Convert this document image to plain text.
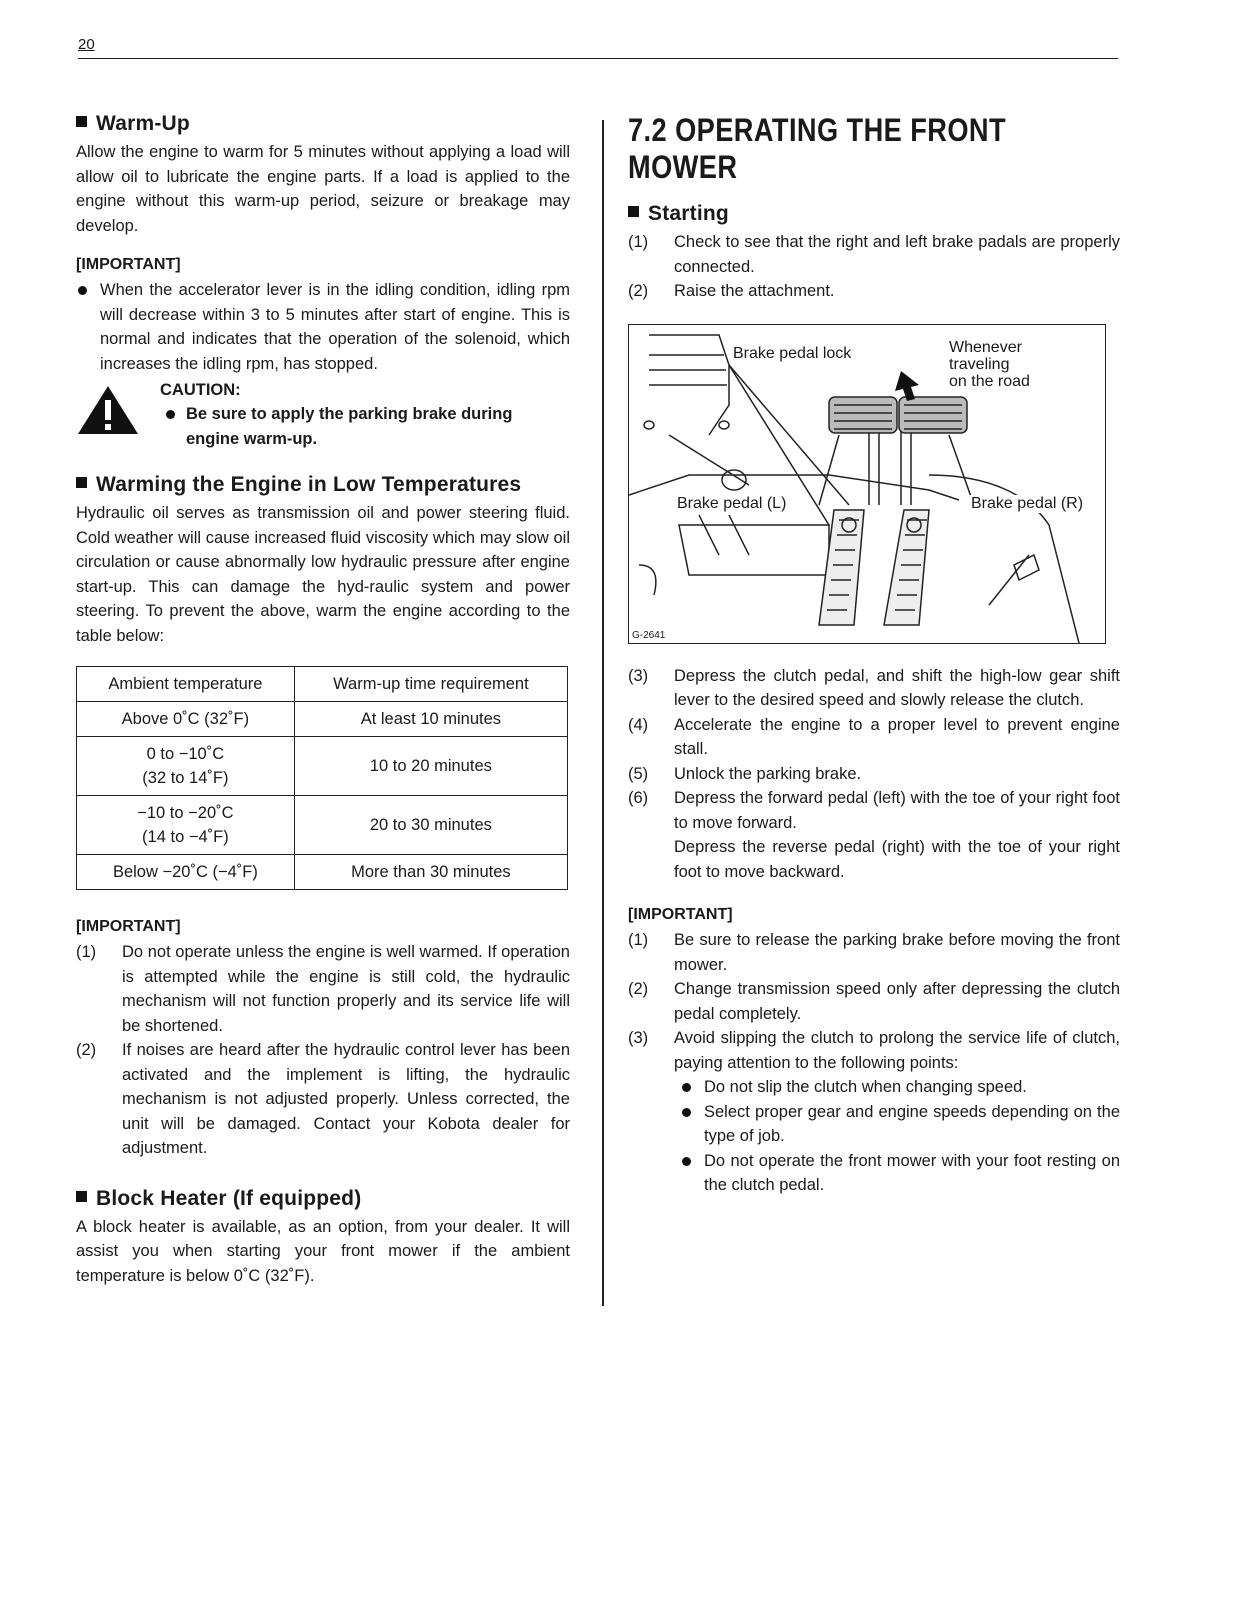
20
Warm-Up

Allow the engine to warm for 5 minutes without applying a load will allow oil to lubricate the engine parts. If a load is applied to the engine without this warm-up period, seizure or breakage may develop.

[IMPORTANT]
When the accelerator lever is in the idling condition, idling rpm will decrease within 3 to 5 minutes after start of engine. This is normal and indicates that the operation of the solenoid, which increases the idling rpm, has stopped.
CAUTION:
Be sure to apply the parking brake during engine warm-up.
Warming the Engine in Low Temperatures

Hydraulic oil serves as transmission oil and power steering fluid. Cold weather will cause increased fluid viscosity which may slow oil circulation or cause abnormally low hydraulic pressure after engine start-up. This can damage the hyd-raulic system and power steering. To prevent the above, warm the engine according to the table below:

Ambient temperature	Warm-up time requirement
Above 0˚C (32˚F)	At least 10 minutes
0 to −10˚C
(32 to 14˚F)	10 to 20 minutes
−10 to −20˚C
(14 to −4˚F)	20 to 30 minutes
Below −20˚C (−4˚F)	More than 30 minutes
[IMPORTANT]
(1) Do not operate unless the engine is well warmed. If operation is attempted while the engine is still cold, the hydraulic mechanism will not function properly and its service life will be shortened.
(2) If noises are heard after the hydraulic control lever has been activated and the implement is lifting, the hydraulic mechanism is not adjusted properly. Unless corrected, the unit will be damaged. Contact your Kobota dealer for adjustment.
Block Heater (If equipped)

A block heater is available, as an option, from your dealer. It will assist you when starting your front mower if the ambient temperature is below 0˚C (32˚F).

7.2 OPERATING THE FRONT MOWER
Starting
(1) Check to see that the right and left brake padals are properly connected.
(2) Raise the attachment.
Brake pedal lock	Whenever
traveling
on the road
Brake pedal (L)	Brake pedal (R)
G-2641
(3) Depress the clutch pedal, and shift the high-low gear shift lever to the desired speed and slowly release the clutch.
(4) Accelerate the engine to a proper level to prevent engine stall.
(5) Unlock the parking brake.
(6) Depress the forward pedal (left) with the toe of your right foot to move forward.
Depress the reverse pedal (right) with the toe of your right foot to move backward.
[IMPORTANT]
(1) Be sure to release the parking brake before moving the front mower.
(2) Change transmission speed only after depressing the clutch pedal completely.
(3) Avoid slipping the clutch to prolong the service life of clutch, paying attention to the following points:
Do not slip the clutch when changing speed.
Select proper gear and engine speeds depending on the type of job.
Do not operate the front mower with your foot resting on the clutch pedal.
